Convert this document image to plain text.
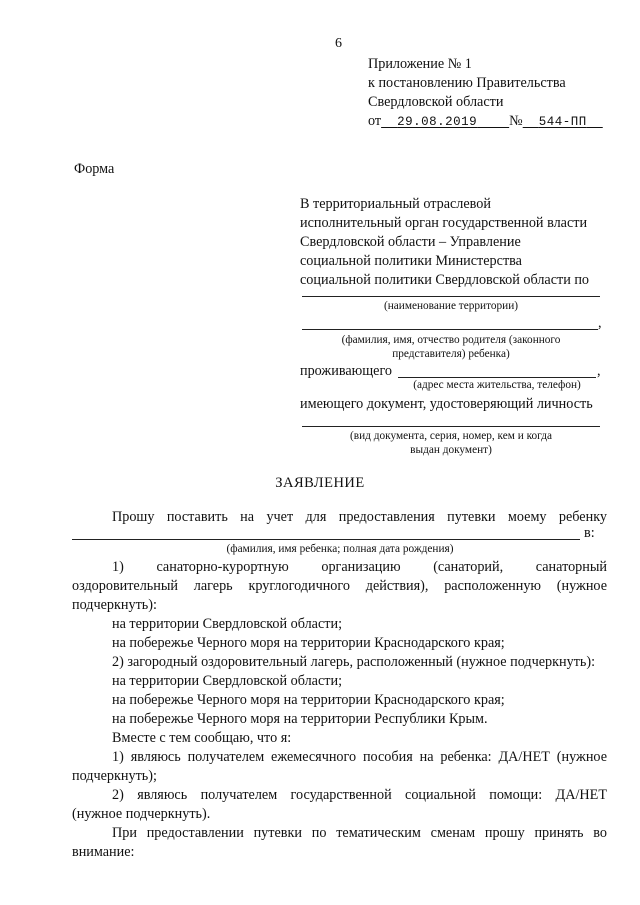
6
Приложение № 1
к постановлению Правительства
Свердловской области
от 29.08.2019 № 544-ПП
Форма
В территориальный отраслевой
исполнительный орган государственной власти
Свердловской области – Управление
социальной политики Министерства
социальной политики Свердловской области по
(наименование территории)
,
(фамилия, имя, отчество родителя (законного
представителя) ребенка)
проживающего	,
(адрес места жительства, телефон)
имеющего документ, удостоверяющий личность
(вид документа, серия, номер, кем и когда
выдан документ)
ЗАЯВЛЕНИЕ
Прошу поставить на учет для предоставления путевки моему ребенку
в:
(фамилия, имя ребенка; полная дата рождения)
1) санаторно-курортную организацию (санаторий, санаторный
оздоровительный лагерь круглогодичного действия), расположенную (нужное
подчеркнуть):
на территории Свердловской области;
на побережье Черного моря на территории Краснодарского края;
2) загородный оздоровительный лагерь, расположенный (нужное подчеркнуть):
на территории Свердловской области;
на побережье Черного моря на территории Краснодарского края;
на побережье Черного моря на территории Республики Крым.
Вместе с тем сообщаю, что я:
1) являюсь получателем ежемесячного пособия на ребенка: ДА/НЕТ (нужное
подчеркнуть);
2) являюсь получателем государственной социальной помощи: ДА/НЕТ
(нужное подчеркнуть).
При предоставлении путевки по тематическим сменам прошу принять во
внимание:
